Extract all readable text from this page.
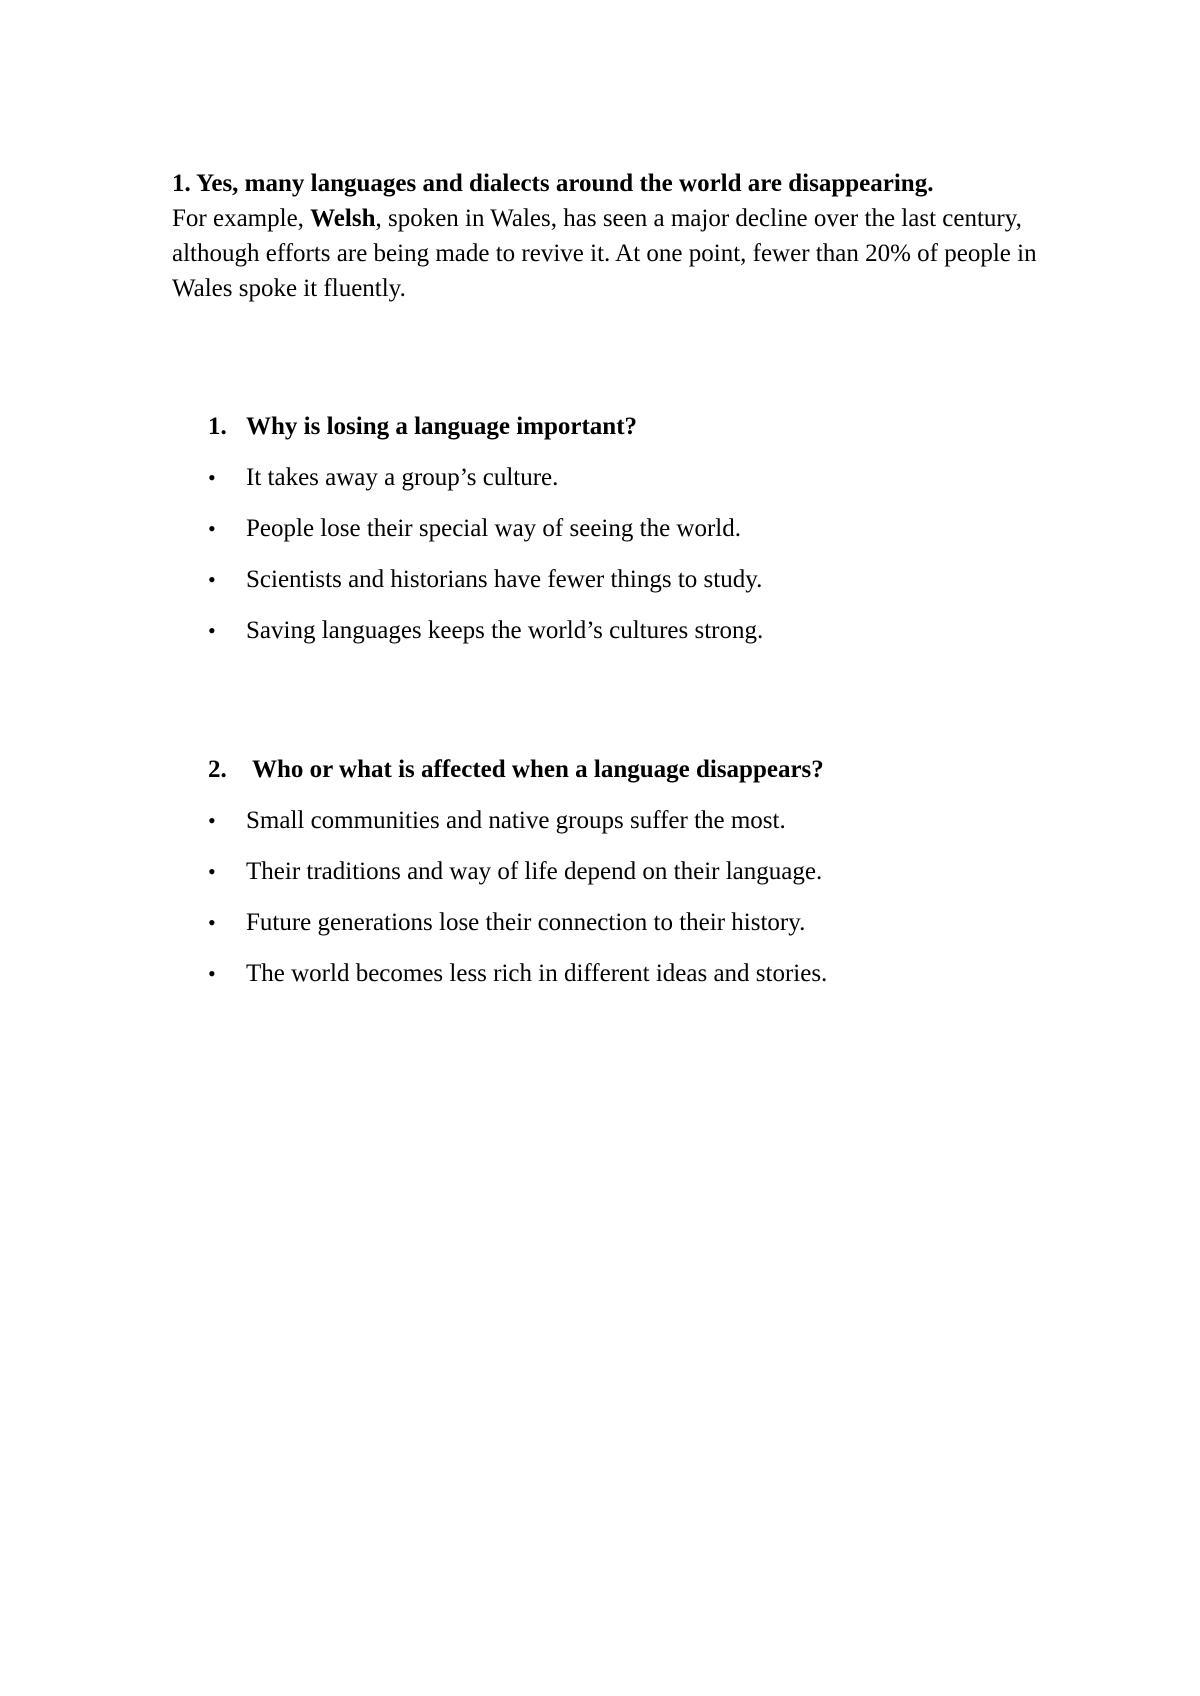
1. Yes, many languages and dialects around the world are disappearing.
For example, Welsh, spoken in Wales, has seen a major decline over the last century, although efforts are being made to revive it. At one point, fewer than 20% of people in Wales spoke it fluently.

1. Why is losing a language important?
•	It takes away a group’s culture.
•	People lose their special way of seeing the world.
•	Scientists and historians have fewer things to study.
•	Saving languages keeps the world’s cultures strong.
2.	Who or what is affected when a language disappears?
•	Small communities and native groups suffer the most.
•	Their traditions and way of life depend on their language.
•	Future generations lose their connection to their history.
•	The world becomes less rich in different ideas and stories.
